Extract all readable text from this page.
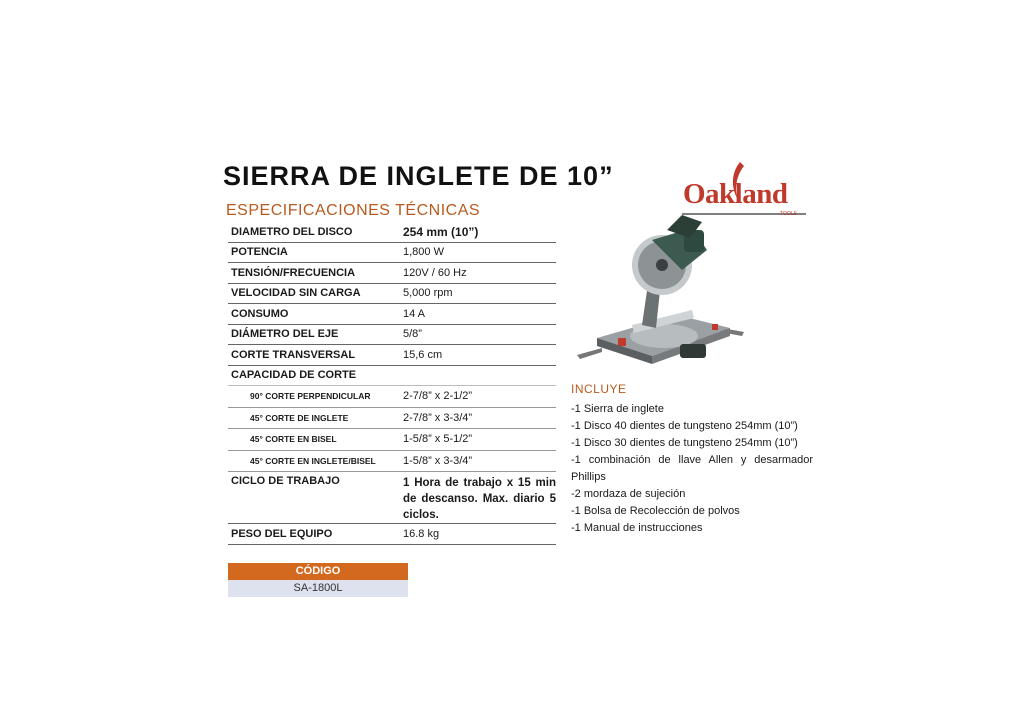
SIERRA DE INGLETE DE 10”
ESPECIFICACIONES TÉCNICAS
DIAMETRO DEL DISCO	254 mm (10”)
POTENCIA	1,800 W
TENSIÓN/FRECUENCIA	120V / 60 Hz
VELOCIDAD SIN CARGA	5,000 rpm
CONSUMO	14 A
DIÁMETRO DEL EJE	5/8”
CORTE TRANSVERSAL	15,6 cm
CAPACIDAD DE CORTE	
90° CORTE PERPENDICULAR	2-7/8” x 2-1/2”
45° CORTE DE INGLETE	2-7/8” x 3-3/4”
45° CORTE EN BISEL	1-5/8” x 5-1/2”
45° CORTE EN INGLETE/BISEL	1-5/8” x 3-3/4”
CICLO DE TRABAJO	1 Hora de trabajo x 15 min de descanso. Max. diario 5 ciclos.
PESO DEL EQUIPO	16.8 kg
Oakland
TOOLS
INCLUYE
-1 Sierra de inglete
-1 Disco 40 dientes de tungsteno 254mm (10”)
-1 Disco 30 dientes de tungsteno 254mm (10”)
-1 combinación de llave Allen y desarmador Phillips
-2 mordaza de sujeción
-1 Bolsa de Recolección de polvos
-1 Manual de instrucciones
CÓDIGO
SA-1800L
